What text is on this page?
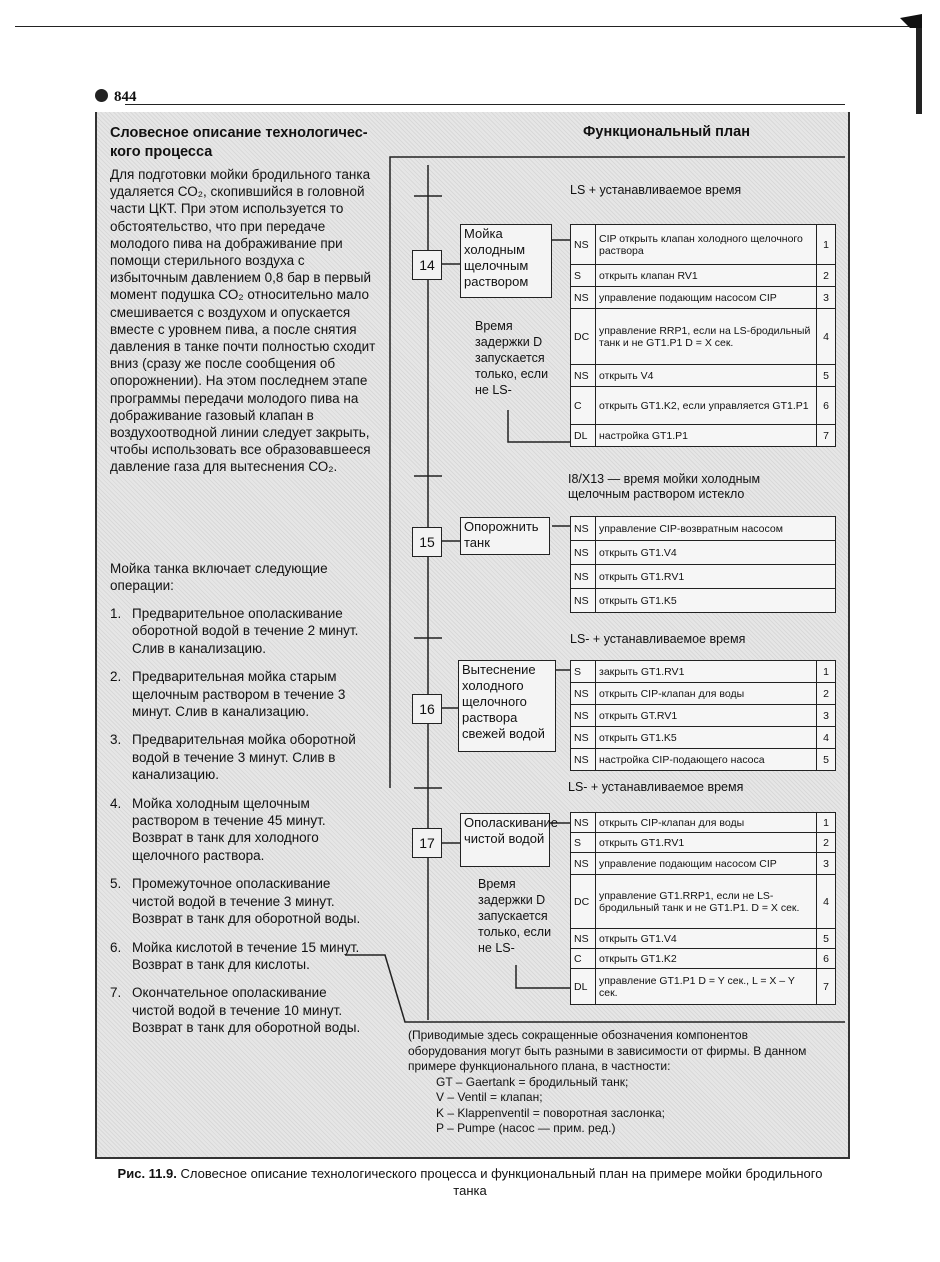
844
Словесное описание технологичес-кого процесса
Для подготовки мойки бродильного танка удаляется СО₂, скопившийся в головной части ЦКТ. При этом используется то обстоятельство, что при передаче молодого пива на дображивание при помощи стерильного воздуха с избыточным давлением 0,8 бар в первый момент подушка СО₂ относительно мало смешивается с воздухом и опускается вместе с уровнем пива, а после снятия давления в танке почти полностью сходит вниз (сразу же после сообщения об опорожнении). На этом последнем этапе программы передачи молодого пива на дображивание газовый клапан в воздухоотводной линии следует закрыть, чтобы использовать все образовавшееся давление газа для вытеснения СО₂.
Мойка танка включает следующие операции:
1. Предварительное ополаскивание оборотной водой в течение 2 минут. Слив в канализацию.
2. Предварительная мойка старым щелочным раствором в течение 3 минут. Слив в канализацию.
3. Предварительная мойка оборотной водой в течение 3 минут. Слив в канализацию.
4. Мойка холодным щелочным раствором в течение 45 минут. Возврат в танк для холодного щелочного раствора.
5. Промежуточное ополаскивание чистой водой в течение 3 минут. Возврат в танк для оборотной воды.
6. Мойка кислотой в течение 15 минут. Возврат в танк для кислоты.
7. Окончательное ополаскивание чистой водой в течение 10 минут. Возврат в танк для оборотной воды.
Функциональный план
LS + устанавливаемое время
I8/X13 — время мойки холодным щелочным раствором истекло
LS- + устанавливаемое время
LS- + устанавливаемое время
14
Мойка холодным щелочным раствором
Время задержки D запускается только, если не LS-
NS	CIP открыть клапан холодного щелочного раствора	1
S	открыть клапан RV1	2
NS	управление подающим насосом CIP	3
DC	управление RRP1, если на LS-бродильный танк и не GT1.P1 D = X сек.	4
NS	открыть V4	5
C	открыть GT1.K2, если управляется GT1.P1	6
DL	настройка GT1.P1	7
15
Опорожнить танк
NS	управление CIP-возвратным насосом
NS	открыть GT1.V4
NS	открыть GT1.RV1
NS	открыть GT1.K5
16
Вытеснение холодного щелочного раствора свежей водой
S	закрыть GT1.RV1	1
NS	открыть CIP-клапан для воды	2
NS	открыть GT.RV1	3
NS	открыть GT1.K5	4
NS	настройка CIP-подающего насоса	5
17
Ополаскивание чистой водой
Время задержки D запускается только, если не LS-
NS	открыть CIP-клапан для воды	1
S	открыть GT1.RV1	2
NS	управление подающим насосом CIP	3
DC	управление GT1.RRP1, если не LS-бродильный танк и не GT1.P1. D = X сек.	4
NS	открыть GT1.V4	5
C	открыть GT1.K2	6
DL	управление GT1.P1 D = Y сек., L = X – Y сек.	7
(Приводимые здесь сокращенные обозначения компонентов оборудования могут быть разными в зависимости от фирмы. В данном примере функционального плана, в частности:
GT – Gaertank = бродильный танк;
V – Ventil = клапан;
K – Klappenventil = поворотная заслонка;
P – Pumpe (насос — прим. ред.)
Рис. 11.9. Словесное описание технологического процесса и функциональный план на примере мойки бродильного танка
